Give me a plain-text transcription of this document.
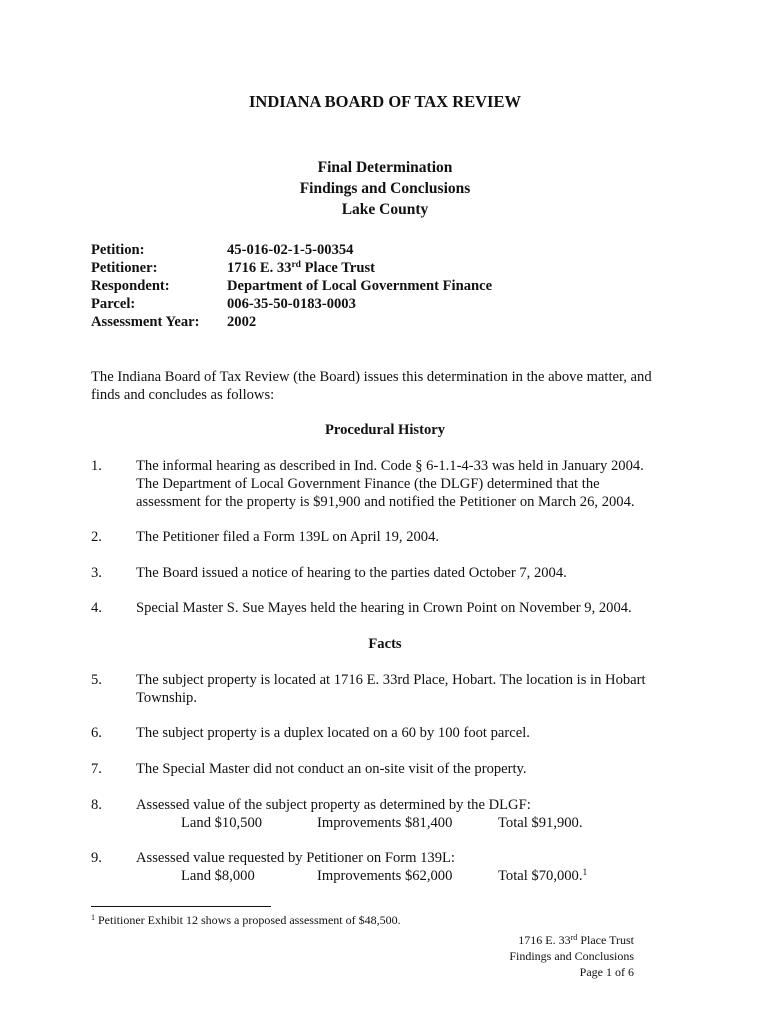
INDIANA BOARD OF TAX REVIEW
Final Determination
Findings and Conclusions
Lake County
Petition:	45-016-02-1-5-00354
Petitioner:	1716 E. 33rd Place Trust
Respondent:	Department of Local Government Finance
Parcel:	006-35-50-0183-0003
Assessment Year: 2002
The Indiana Board of Tax Review (the Board) issues this determination in the above matter, and
finds and concludes as follows:
Procedural History
1. The informal hearing as described in Ind. Code § 6-1.1-4-33 was held in January 2004.
The Department of Local Government Finance (the DLGF) determined that the
assessment for the property is $91,900 and notified the Petitioner on March 26, 2004.
2. The Petitioner filed a Form 139L on April 19, 2004.
3. The Board issued a notice of hearing to the parties dated October 7, 2004.
4. Special Master S. Sue Mayes held the hearing in Crown Point on November 9, 2004.
Facts
5. The subject property is located at 1716 E. 33rd Place, Hobart. The location is in Hobart
Township.
6. The subject property is a duplex located on a 60 by 100 foot parcel.
7. The Special Master did not conduct an on-site visit of the property.
8. Assessed value of the subject property as determined by the DLGF:
Land $10,500	Improvements $81,400	Total $91,900.
9. Assessed value requested by Petitioner on Form 139L:
Land $8,000	Improvements $62,000	Total $70,000.$^1$
$^1$ Petitioner Exhibit 12 shows a proposed assessment of $48,500.
1716 E. 33rd Place Trust
Findings and Conclusions
Page 1 of 6
